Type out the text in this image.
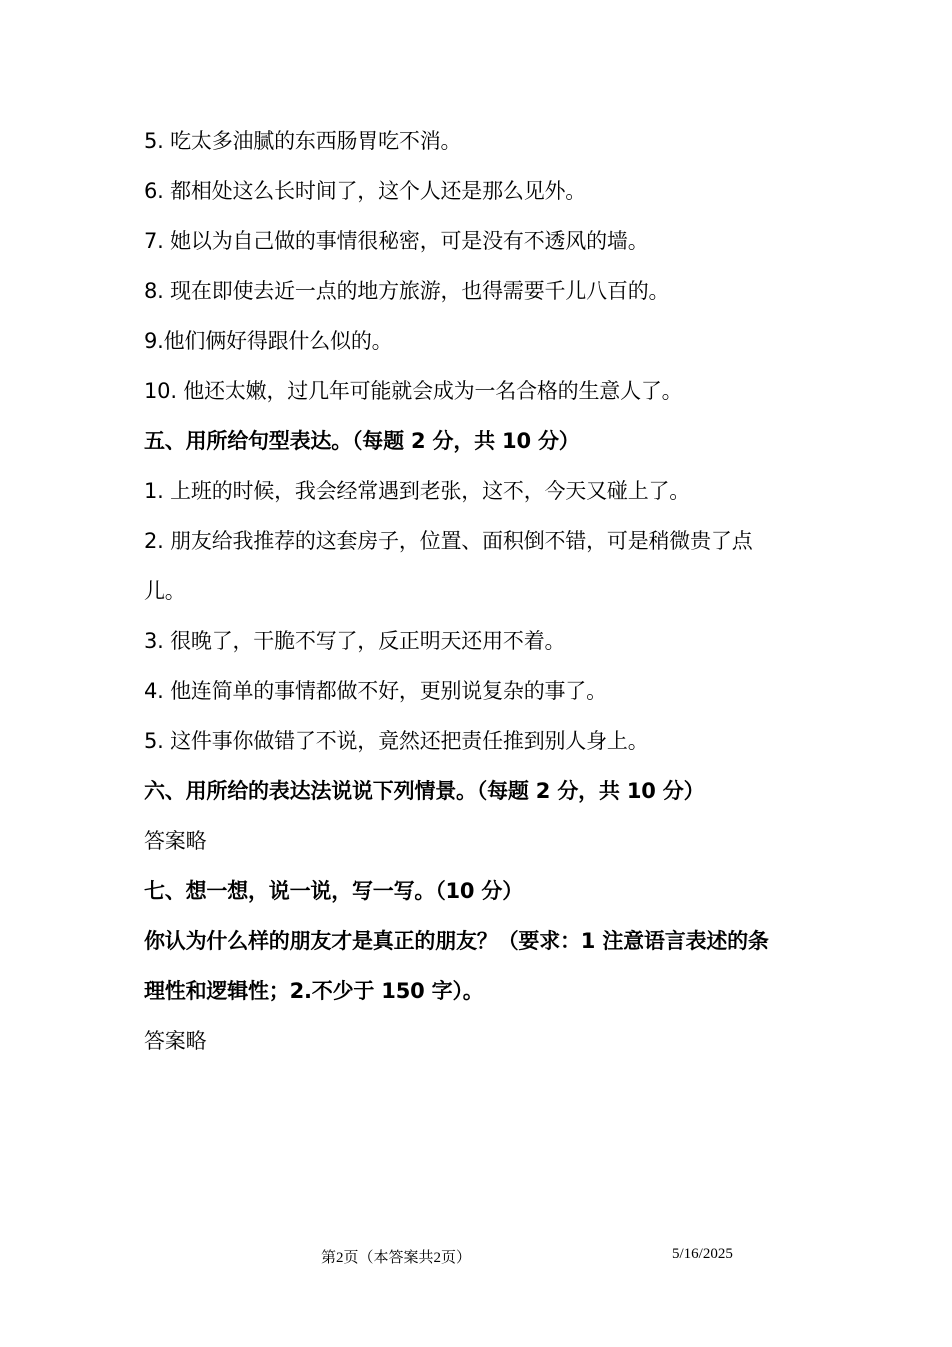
5. 吃太多油腻的东西肠胃吃不消。
6. 都相处这么长时间了，这个人还是那么见外。
7. 她以为自己做的事情很秘密，可是没有不透风的墙。
8. 现在即使去近一点的地方旅游，也得需要千儿八百的。
9.他们俩好得跟什么似的。
10. 他还太嫩，过几年可能就会成为一名合格的生意人了。
五、用所给句型表达。（每题 2 分，共 10 分）
1. 上班的时候，我会经常遇到老张，这不，今天又碰上了。
2. 朋友给我推荐的这套房子，位置、面积倒不错，可是稍微贵了点
儿。
3. 很晚了，干脆不写了，反正明天还用不着。
4. 他连简单的事情都做不好，更别说复杂的事了。
5. 这件事你做错了不说，竟然还把责任推到别人身上。
六、用所给的表达法说说下列情景。（每题 2 分，共 10 分）
答案略
七、想一想，说一说，写一写。（10 分）
你认为什么样的朋友才是真正的朋友？（要求：1 注意语言表述的条
理性和逻辑性；2.不少于 150 字）。
答案略
第2页（本答案共2页）	5/16/2025
